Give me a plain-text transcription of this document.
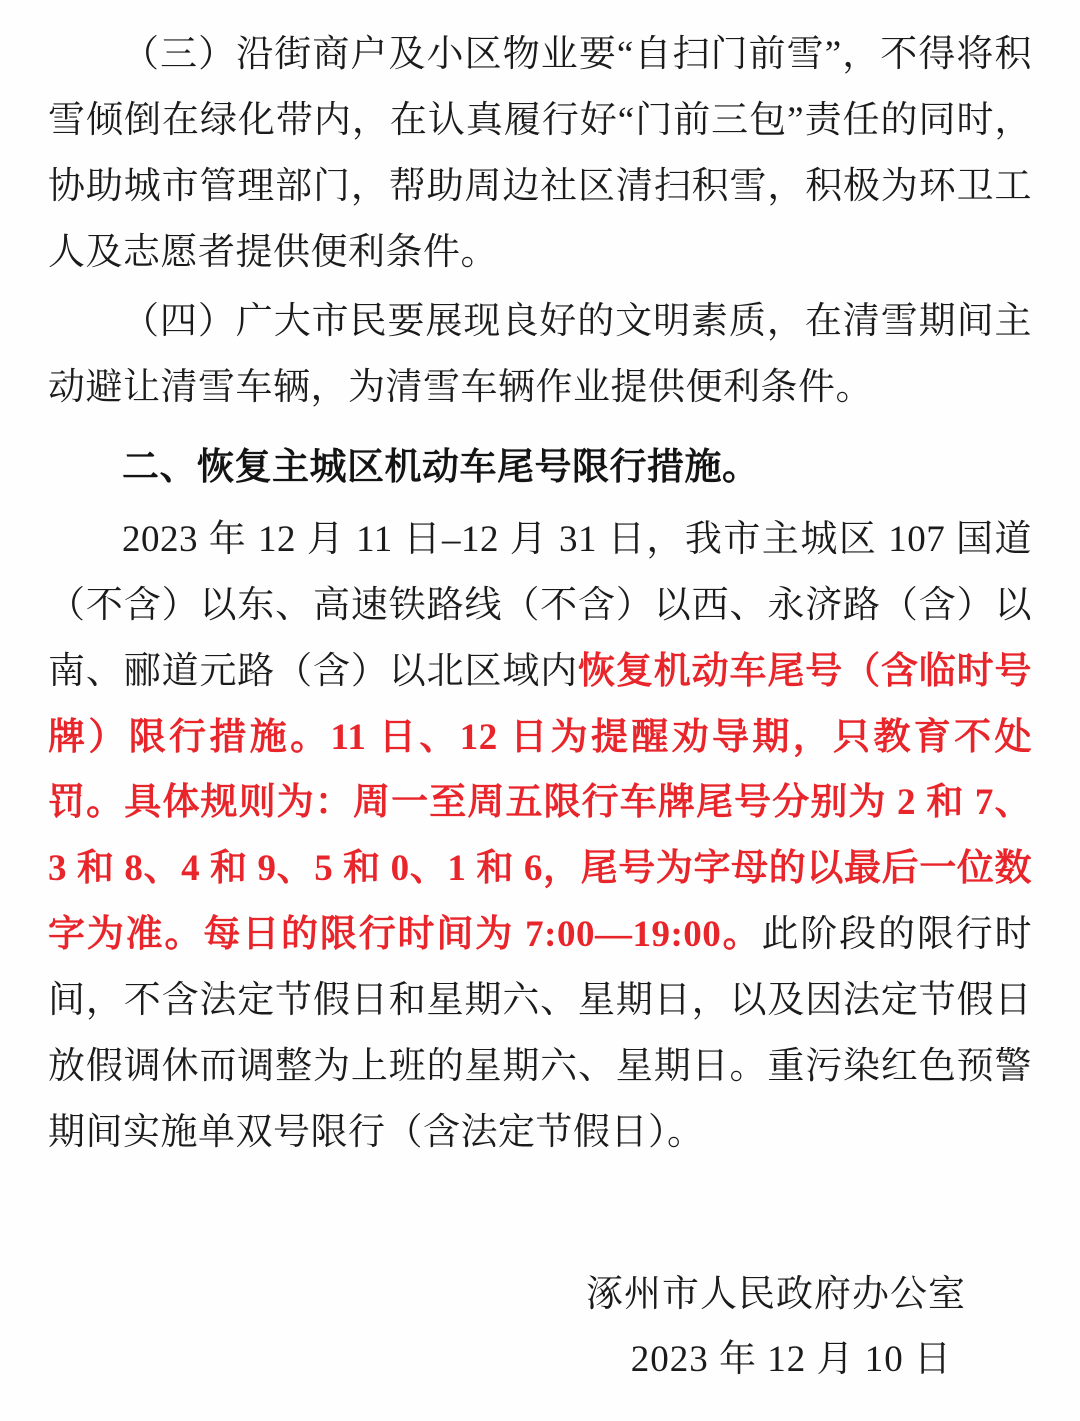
（三）沿街商户及小区物业要“自扫门前雪”，不得将积雪倾倒在绿化带内，在认真履行好“门前三包”责任的同时，协助城市管理部门，帮助周边社区清扫积雪，积极为环卫工人及志愿者提供便利条件。

（四）广大市民要展现良好的文明素质，在清雪期间主动避让清雪车辆，为清雪车辆作业提供便利条件。

二、恢复主城区机动车尾号限行措施。

2023 年 12 月 11 日–12 月 31 日，我市主城区 107 国道（不含）以东、高速铁路线（不含）以西、永济路（含）以南、郦道元路（含）以北区域内恢复机动车尾号（含临时号牌）限行措施。11 日、12 日为提醒劝导期，只教育不处罚。具体规则为：周一至周五限行车牌尾号分别为 2 和 7、3 和 8、4 和 9、5 和 0、1 和 6，尾号为字母的以最后一位数字为准。每日的限行时间为 7:00—19:00。此阶段的限行时间，不含法定节假日和星期六、星期日，以及因法定节假日放假调休而调整为上班的星期六、星期日。重污染红色预警期间实施单双号限行（含法定节假日）。

涿州市人民政府办公室
2023 年 12 月 10 日
